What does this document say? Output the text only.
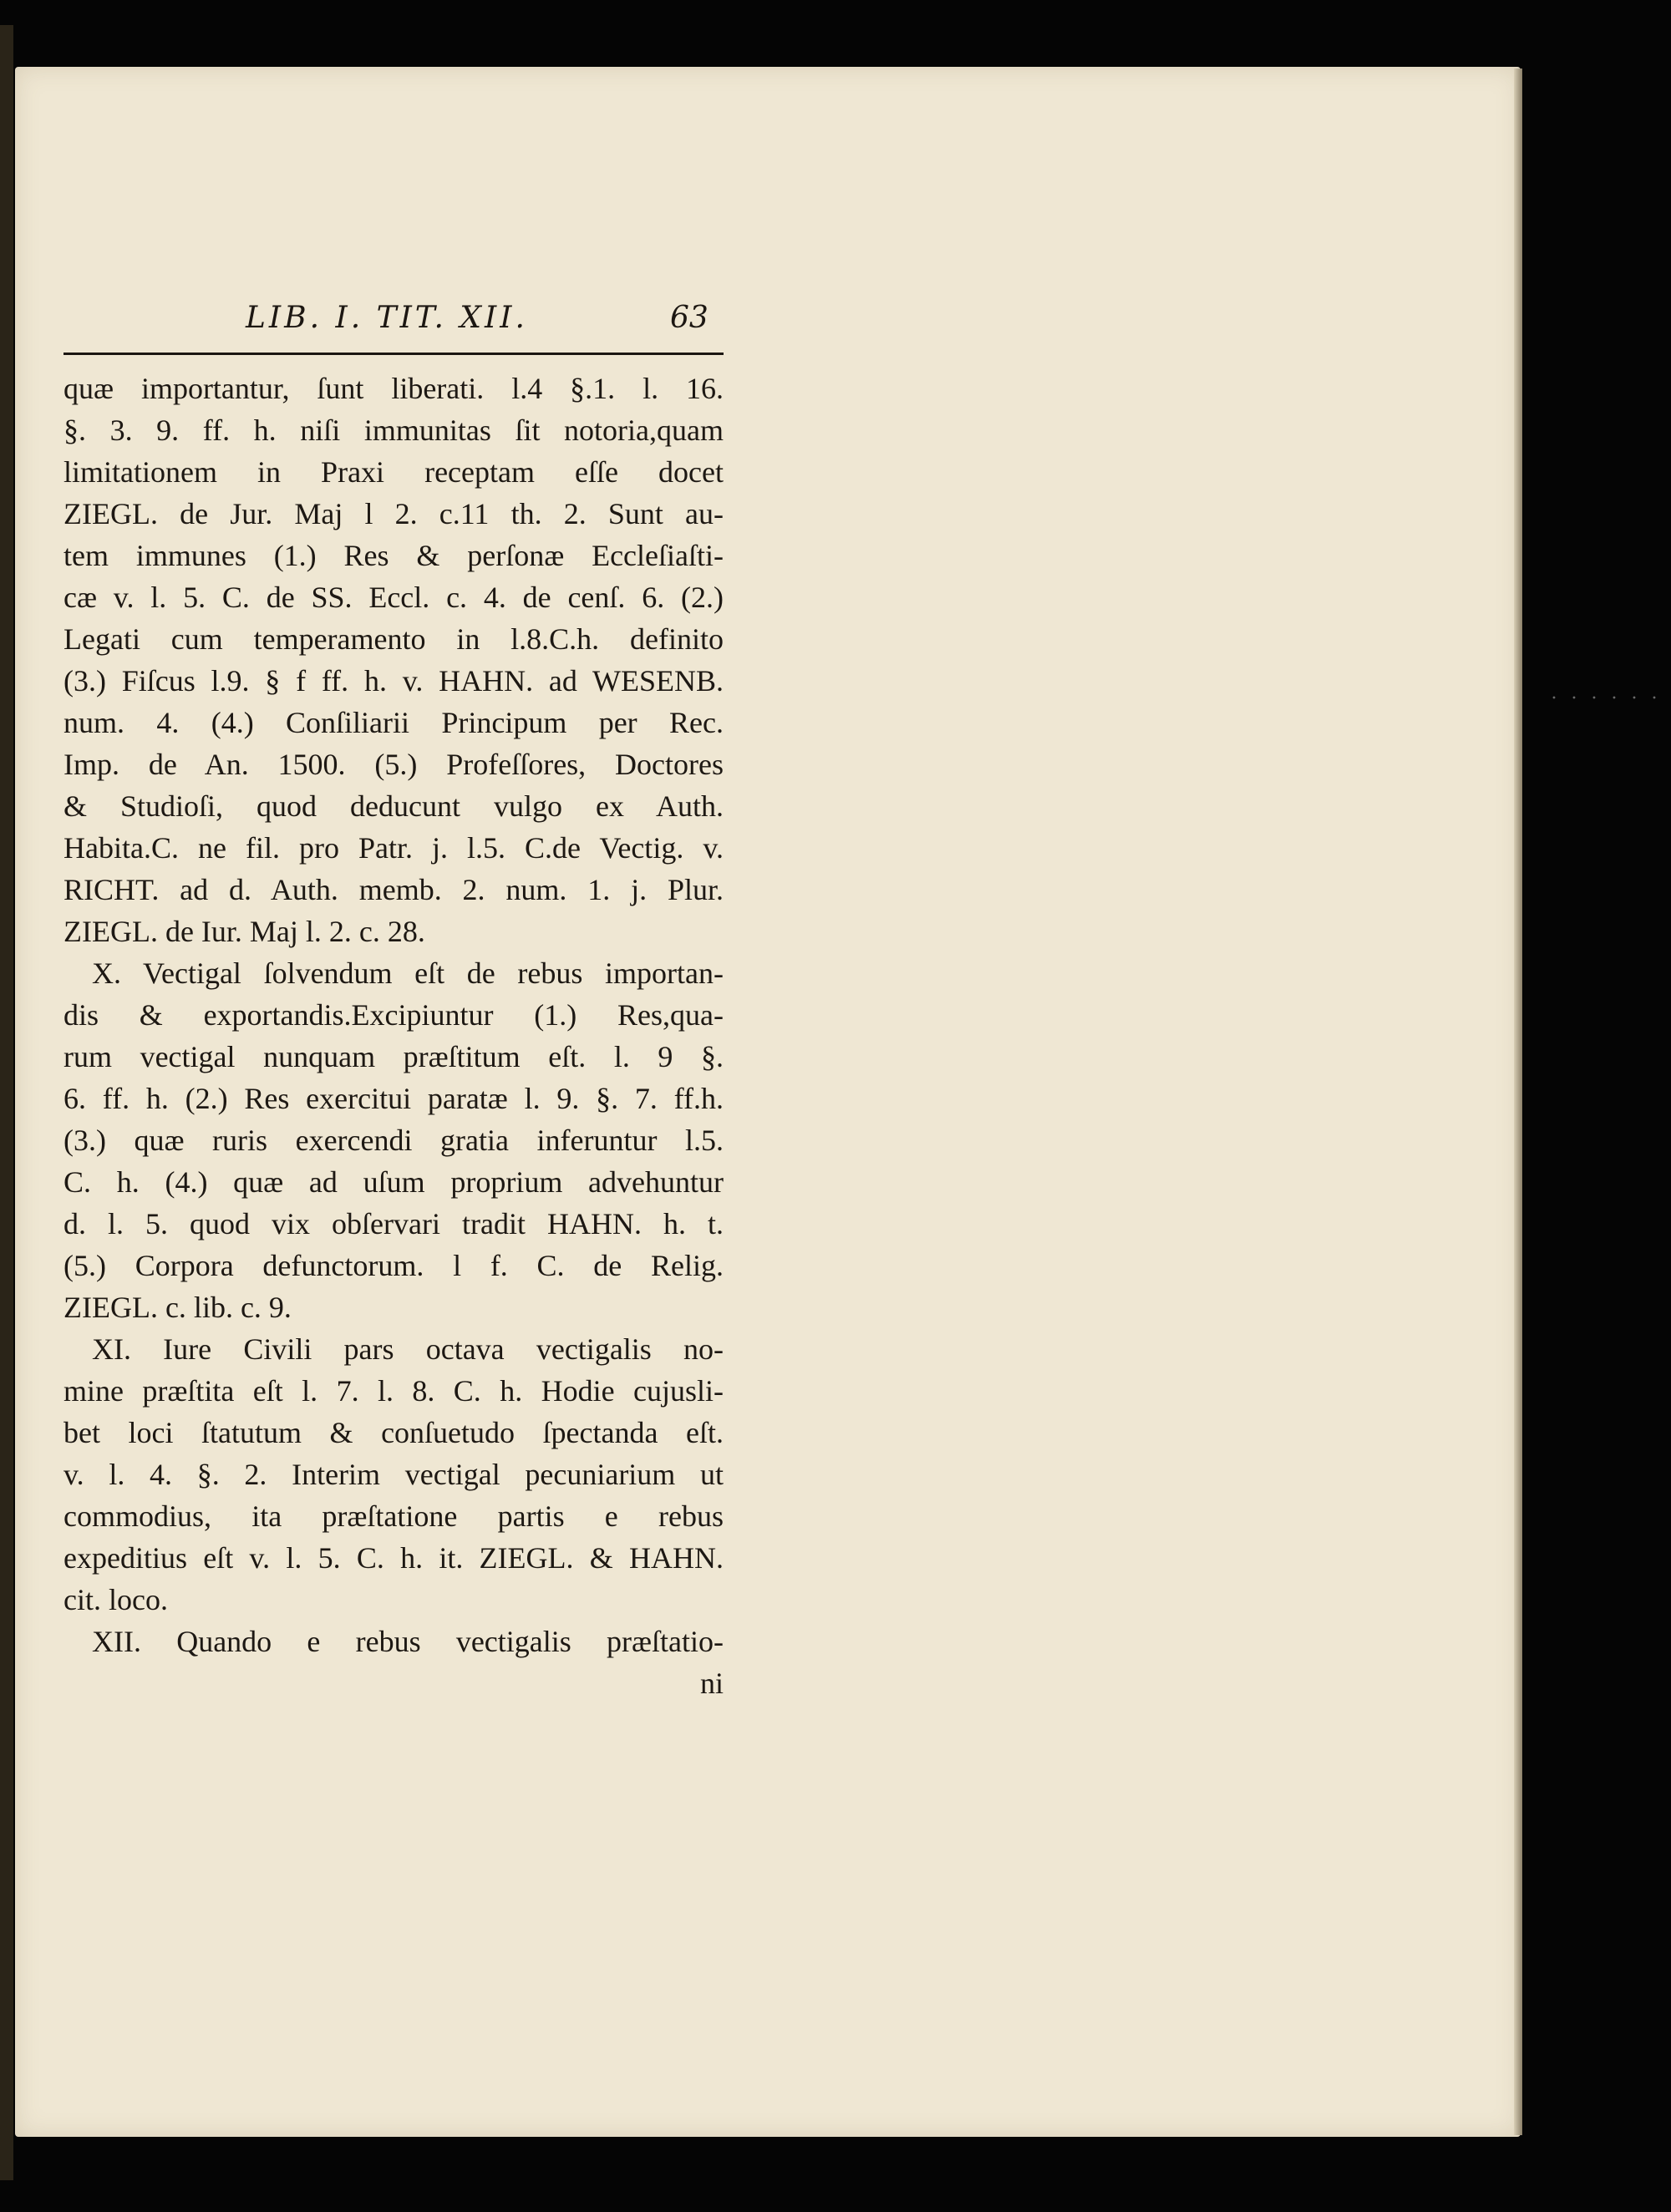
LIB. I. TIT. XII.	63
quæ importantur, ſunt liberati. l.4 §.1. l. 16.
§. 3. 9. ff. h. niſi immunitas ſit notoria,quam
limitationem in Praxi receptam eſſe docet
ZIEGL. de Jur. Maj l 2. c.11 th. 2. Sunt au-
tem immunes (1.) Res & perſonæ Eccleſiaſti-
cæ v. l. 5. C. de SS. Eccl. c. 4. de cenſ. 6. (2.)
Legati cum temperamento in l.8.C.h. definito
(3.) Fiſcus l.9. § f ff. h. v. HAHN. ad WESENB.
num. 4. (4.) Conſiliarii Principum per Rec.
Imp. de An. 1500. (5.) Profeſſores, Doctores
& Studioſi, quod deducunt vulgo ex Auth.
Habita.C. ne fil. pro Patr. j. l.5. C.de Vectig. v.
RICHT. ad d. Auth. memb. 2. num. 1. j. Plur.
ZIEGL. de Iur. Maj l. 2. c. 28.
X. Vectigal ſolvendum eſt de rebus importan-
dis & exportandis.Excipiuntur (1.) Res,qua-
rum vectigal nunquam præſtitum eſt. l. 9 §.
6. ff. h. (2.) Res exercitui paratæ l. 9. §. 7. ff.h.
(3.) quæ ruris exercendi gratia inferuntur l.5.
C. h. (4.) quæ ad uſum proprium advehuntur
d. l. 5. quod vix obſervari tradit HAHN. h. t.
(5.) Corpora defunctorum. l f. C. de Relig.
ZIEGL. c. lib. c. 9.
XI. Iure Civili pars octava vectigalis no-
mine præſtita eſt l. 7. l. 8. C. h. Hodie cujusli-
bet loci ſtatutum & conſuetudo ſpectanda eſt.
v. l. 4. §. 2. Interim vectigal pecuniarium ut
commodius, ita præſtatione partis e rebus
expeditius eſt v. l. 5. C. h. it. ZIEGL. & HAHN.
cit. loco.
XII. Quando e rebus vectigalis præſtatio-
ni
